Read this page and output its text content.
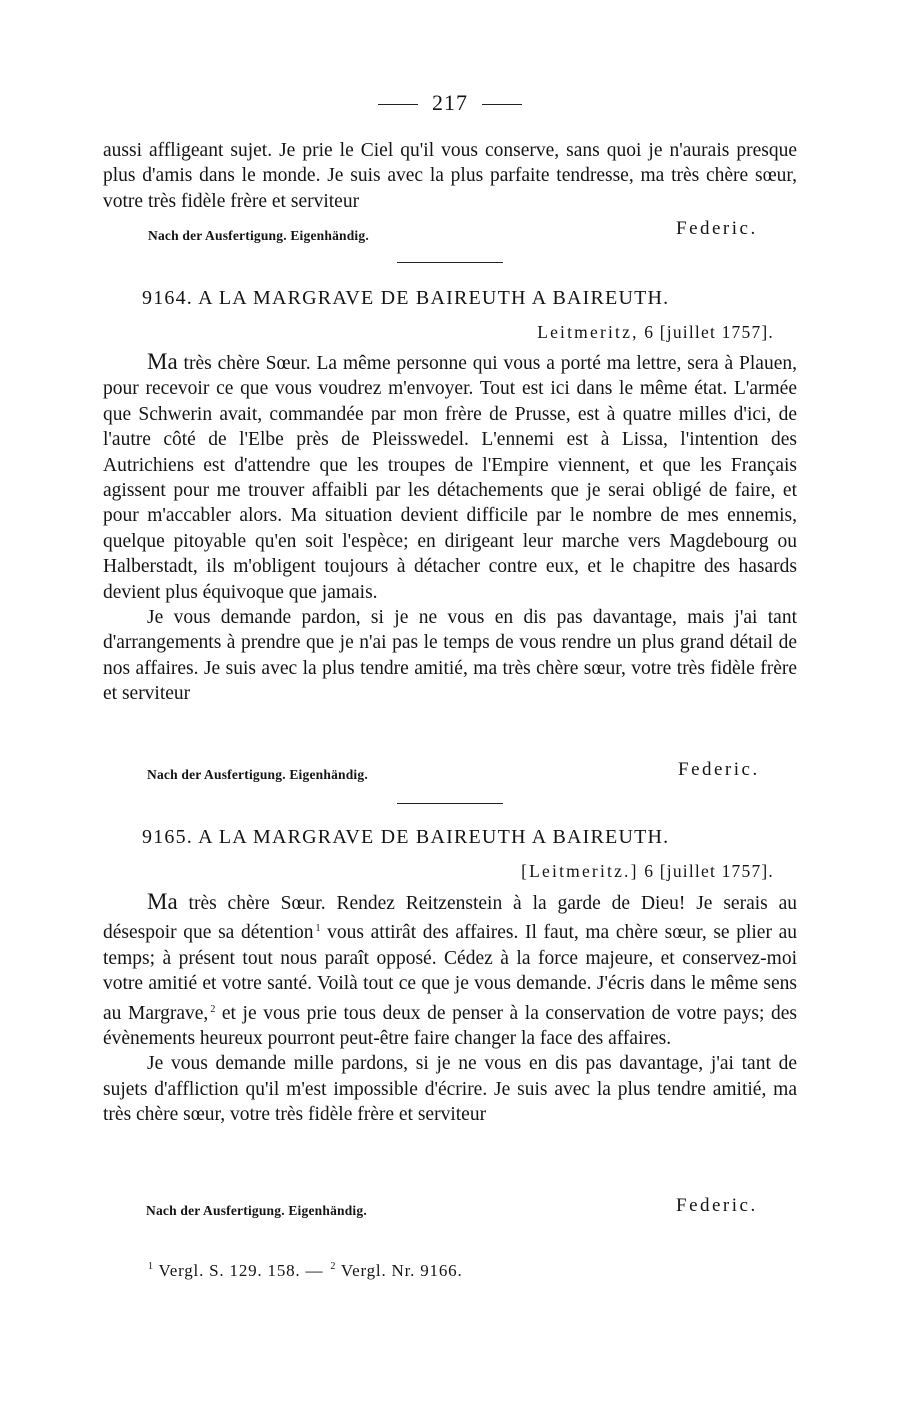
217

aussi affligeant sujet. Je prie le Ciel qu'il vous conserve, sans quoi je n'aurais presque plus d'amis dans le monde. Je suis avec la plus parfaite tendresse, ma très chère sœur, votre très fidèle frère et serviteur

Nach der Ausfertigung. Eigenhändig.	Federic.
9164. A LA MARGRAVE DE BAIREUTH A BAIREUTH.
Leitmeritz, 6 [juillet 1757].

Ma très chère Sœur. La même personne qui vous a porté ma lettre, sera à Plauen, pour recevoir ce que vous voudrez m'envoyer. Tout est ici dans le même état. L'armée que Schwerin avait, commandée par mon frère de Prusse, est à quatre milles d'ici, de l'autre côté de l'Elbe près de Pleisswedel. L'ennemi est à Lissa, l'intention des Autrichiens est d'attendre que les troupes de l'Empire viennent, et que les Français agissent pour me trouver affaibli par les détachements que je serai obligé de faire, et pour m'accabler alors. Ma situation devient difficile par le nombre de mes ennemis, quelque pitoyable qu'en soit l'espèce; en dirigeant leur marche vers Magdebourg ou Halberstadt, ils m'obligent toujours à détacher contre eux, et le chapitre des hasards devient plus équivoque que jamais.

Je vous demande pardon, si je ne vous en dis pas davantage, mais j'ai tant d'arrangements à prendre que je n'ai pas le temps de vous rendre un plus grand détail de nos affaires. Je suis avec la plus tendre amitié, ma très chère sœur, votre très fidèle frère et serviteur

Nach der Ausfertigung. Eigenhändig.	Federic.
9165. A LA MARGRAVE DE BAIREUTH A BAIREUTH.
[Leitmeritz.] 6 [juillet 1757].

Ma très chère Sœur. Rendez Reitzenstein à la garde de Dieu! Je serais au désespoir que sa détention $^1$ vous attirât des affaires. Il faut, ma chère sœur, se plier au temps; à présent tout nous paraît opposé. Cédez à la force majeure, et conservez-moi votre amitié et votre santé. Voilà tout ce que je vous demande. J'écris dans le même sens au Margrave, $^2$ et je vous prie tous deux de penser à la conservation de votre pays; des évènements heureux pourront peut-être faire changer la face des affaires.

Je vous demande mille pardons, si je ne vous en dis pas davantage, j'ai tant de sujets d'affliction qu'il m'est impossible d'écrire. Je suis avec la plus tendre amitié, ma très chère sœur, votre très fidèle frère et serviteur

Nach der Ausfertigung. Eigenhändig.	Federic.
$^1$ Vergl. S. 129. 158. — $^2$ Vergl. Nr. 9166.
